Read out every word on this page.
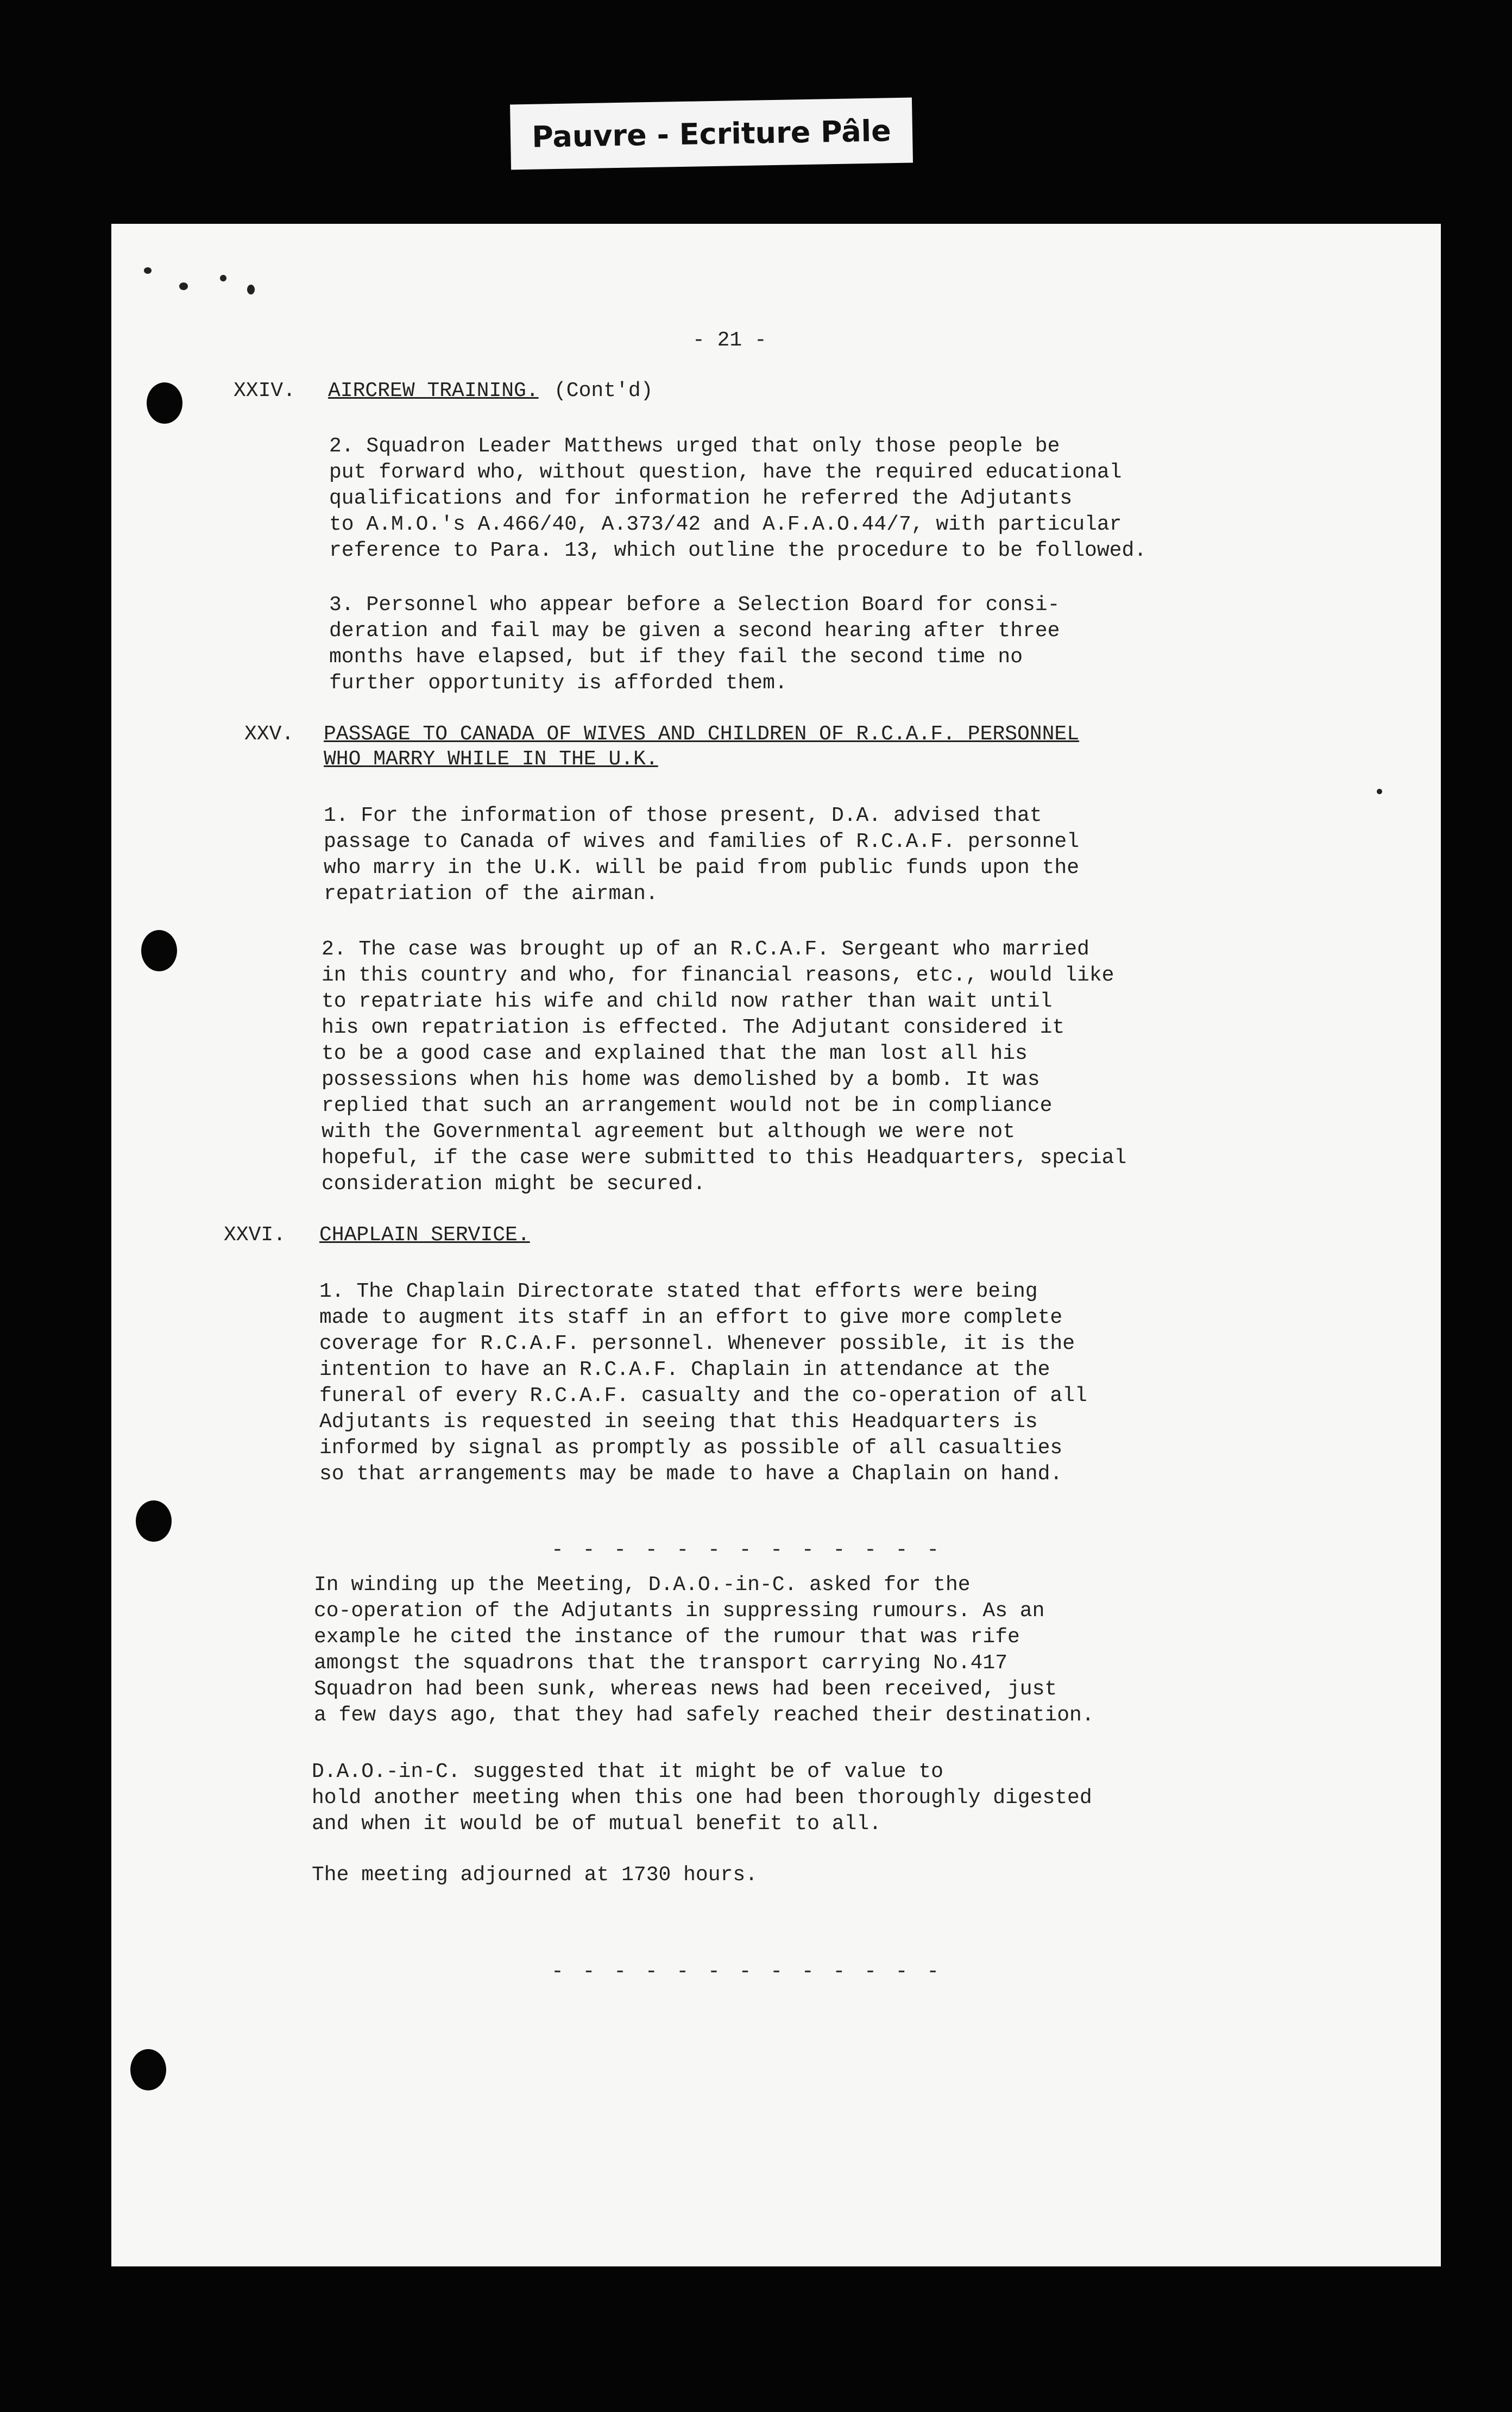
Pauvre - Ecriture Pâle

- 21 -

XXIV. AIRCREW TRAINING. (Cont'd)

2. Squadron Leader Matthews urged that only those people be

put forward who, without question, have the required educational

qualifications and for information he referred the Adjutants

to A.M.O.'s A.466/40, A.373/42 and A.F.A.O.44/7, with particular

reference to Para. 13, which outline the procedure to be followed.

3. Personnel who appear before a Selection Board for consi-

deration and fail may be given a second hearing after three

months have elapsed, but if they fail the second time no

further opportunity is afforded them.

XXV. PASSAGE TO CANADA OF WIVES AND CHILDREN OF R.C.A.F. PERSONNEL

WHO MARRY WHILE IN THE U.K.

1. For the information of those present, D.A. advised that

passage to Canada of wives and families of R.C.A.F. personnel

who marry in the U.K. will be paid from public funds upon the

repatriation of the airman.

2. The case was brought up of an R.C.A.F. Sergeant who married

in this country and who, for financial reasons, etc., would like

to repatriate his wife and child now rather than wait until

his own repatriation is effected. The Adjutant considered it

to be a good case and explained that the man lost all his

possessions when his home was demolished by a bomb. It was

replied that such an arrangement would not be in compliance

with the Governmental agreement but although we were not

hopeful, if the case were submitted to this Headquarters, special

consideration might be secured.

XXVI. CHAPLAIN SERVICE.

1. The Chaplain Directorate stated that efforts were being

made to augment its staff in an effort to give more complete

coverage for R.C.A.F. personnel. Whenever possible, it is the

intention to have an R.C.A.F. Chaplain in attendance at the

funeral of every R.C.A.F. casualty and the co-operation of all

Adjutants is requested in seeing that this Headquarters is

informed by signal as promptly as possible of all casualties

so that arrangements may be made to have a Chaplain on hand.

- - - - - - - - - - - - -

In winding up the Meeting, D.A.O.-in-C. asked for the

co-operation of the Adjutants in suppressing rumours. As an

example he cited the instance of the rumour that was rife

amongst the squadrons that the transport carrying No.417

Squadron had been sunk, whereas news had been received, just

a few days ago, that they had safely reached their destination.

D.A.O.-in-C. suggested that it might be of value to

hold another meeting when this one had been thoroughly digested

and when it would be of mutual benefit to all.

The meeting adjourned at 1730 hours.

- - - - - - - - - - - - -
